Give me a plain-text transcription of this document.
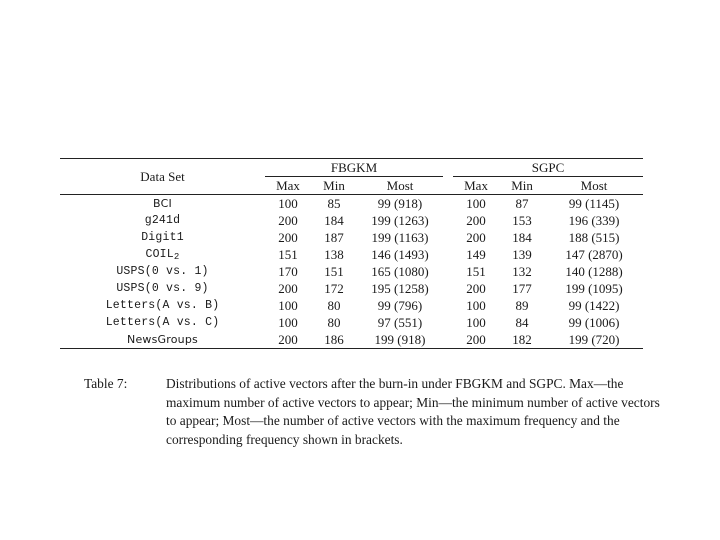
Data Set	FBGKM				SGPC		
	Max	Min	Most		Max	Min	Most
BCI	100	85	99 (918)		100	87	99 (1145)
g241d	200	184	199 (1263)		200	153	196 (339)
Digit1	200	187	199 (1163)		200	184	188 (515)
$COIL_2$	151	138	146 (1493)		149	139	147 (2870)
USPS(0 vs. 1)	170	151	165 (1080)		151	132	140 (1288)
USPS(0 vs. 9)	200	172	195 (1258)		200	177	199 (1095)
Letters(A vs. B)	100	80	99 (796)		100	89	99 (1422)
Letters(A vs. C)	100	80	97 (551)		100	84	99 (1006)
NewsGroups	200	186	199 (918)		200	182	199 (720)
Table 7:	Distributions of active vectors after the burn-in under FBGKM and SGPC. Max—the maximum number of active vectors to appear; Min—the minimum number of active vectors to appear; Most—the number of active vectors with the maximum frequency and the corresponding frequency shown in brackets.
